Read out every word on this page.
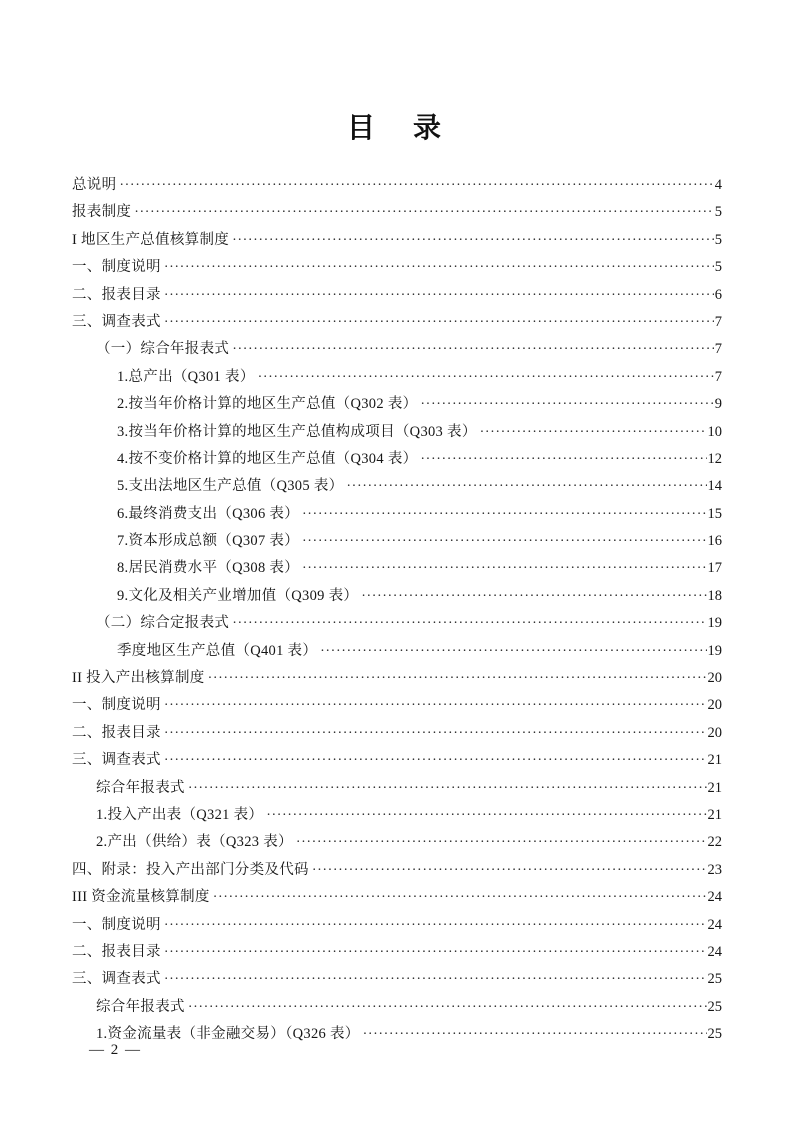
目　录
总说明 ·····	4
报表制度 ·····	5
I 地区生产总值核算制度 ·····	5
一、制度说明 ·····	5
二、报表目录 ·····	6
三、调查表式 ·····	7
（一）综合年报表式 ·····	7
1.总产出（Q301 表） ·····	7
2.按当年价格计算的地区生产总值（Q302 表） ·····	9
3.按当年价格计算的地区生产总值构成项目（Q303 表） ·····	10
4.按不变价格计算的地区生产总值（Q304 表） ·····	12
5.支出法地区生产总值（Q305 表） ·····	14
6.最终消费支出（Q306 表） ·····	15
7.资本形成总额（Q307 表） ·····	16
8.居民消费水平（Q308 表） ·····	17
9.文化及相关产业增加值（Q309 表） ·····	18
（二）综合定报表式 ·····	19
季度地区生产总值（Q401 表） ·····	19
II 投入产出核算制度 ·····	20
一、制度说明 ·····	20
二、报表目录 ·····	20
三、调查表式 ·····	21
综合年报表式 ·····	21
1.投入产出表（Q321 表） ·····	21
2.产出（供给）表（Q323 表） ·····	22
四、附录：投入产出部门分类及代码 ·····	23
III 资金流量核算制度 ·····	24
一、制度说明 ·····	24
二、报表目录 ·····	24
三、调查表式 ·····	25
综合年报表式 ·····	25
1.资金流量表（非金融交易）（Q326 表） ·····	25
— 2 —
